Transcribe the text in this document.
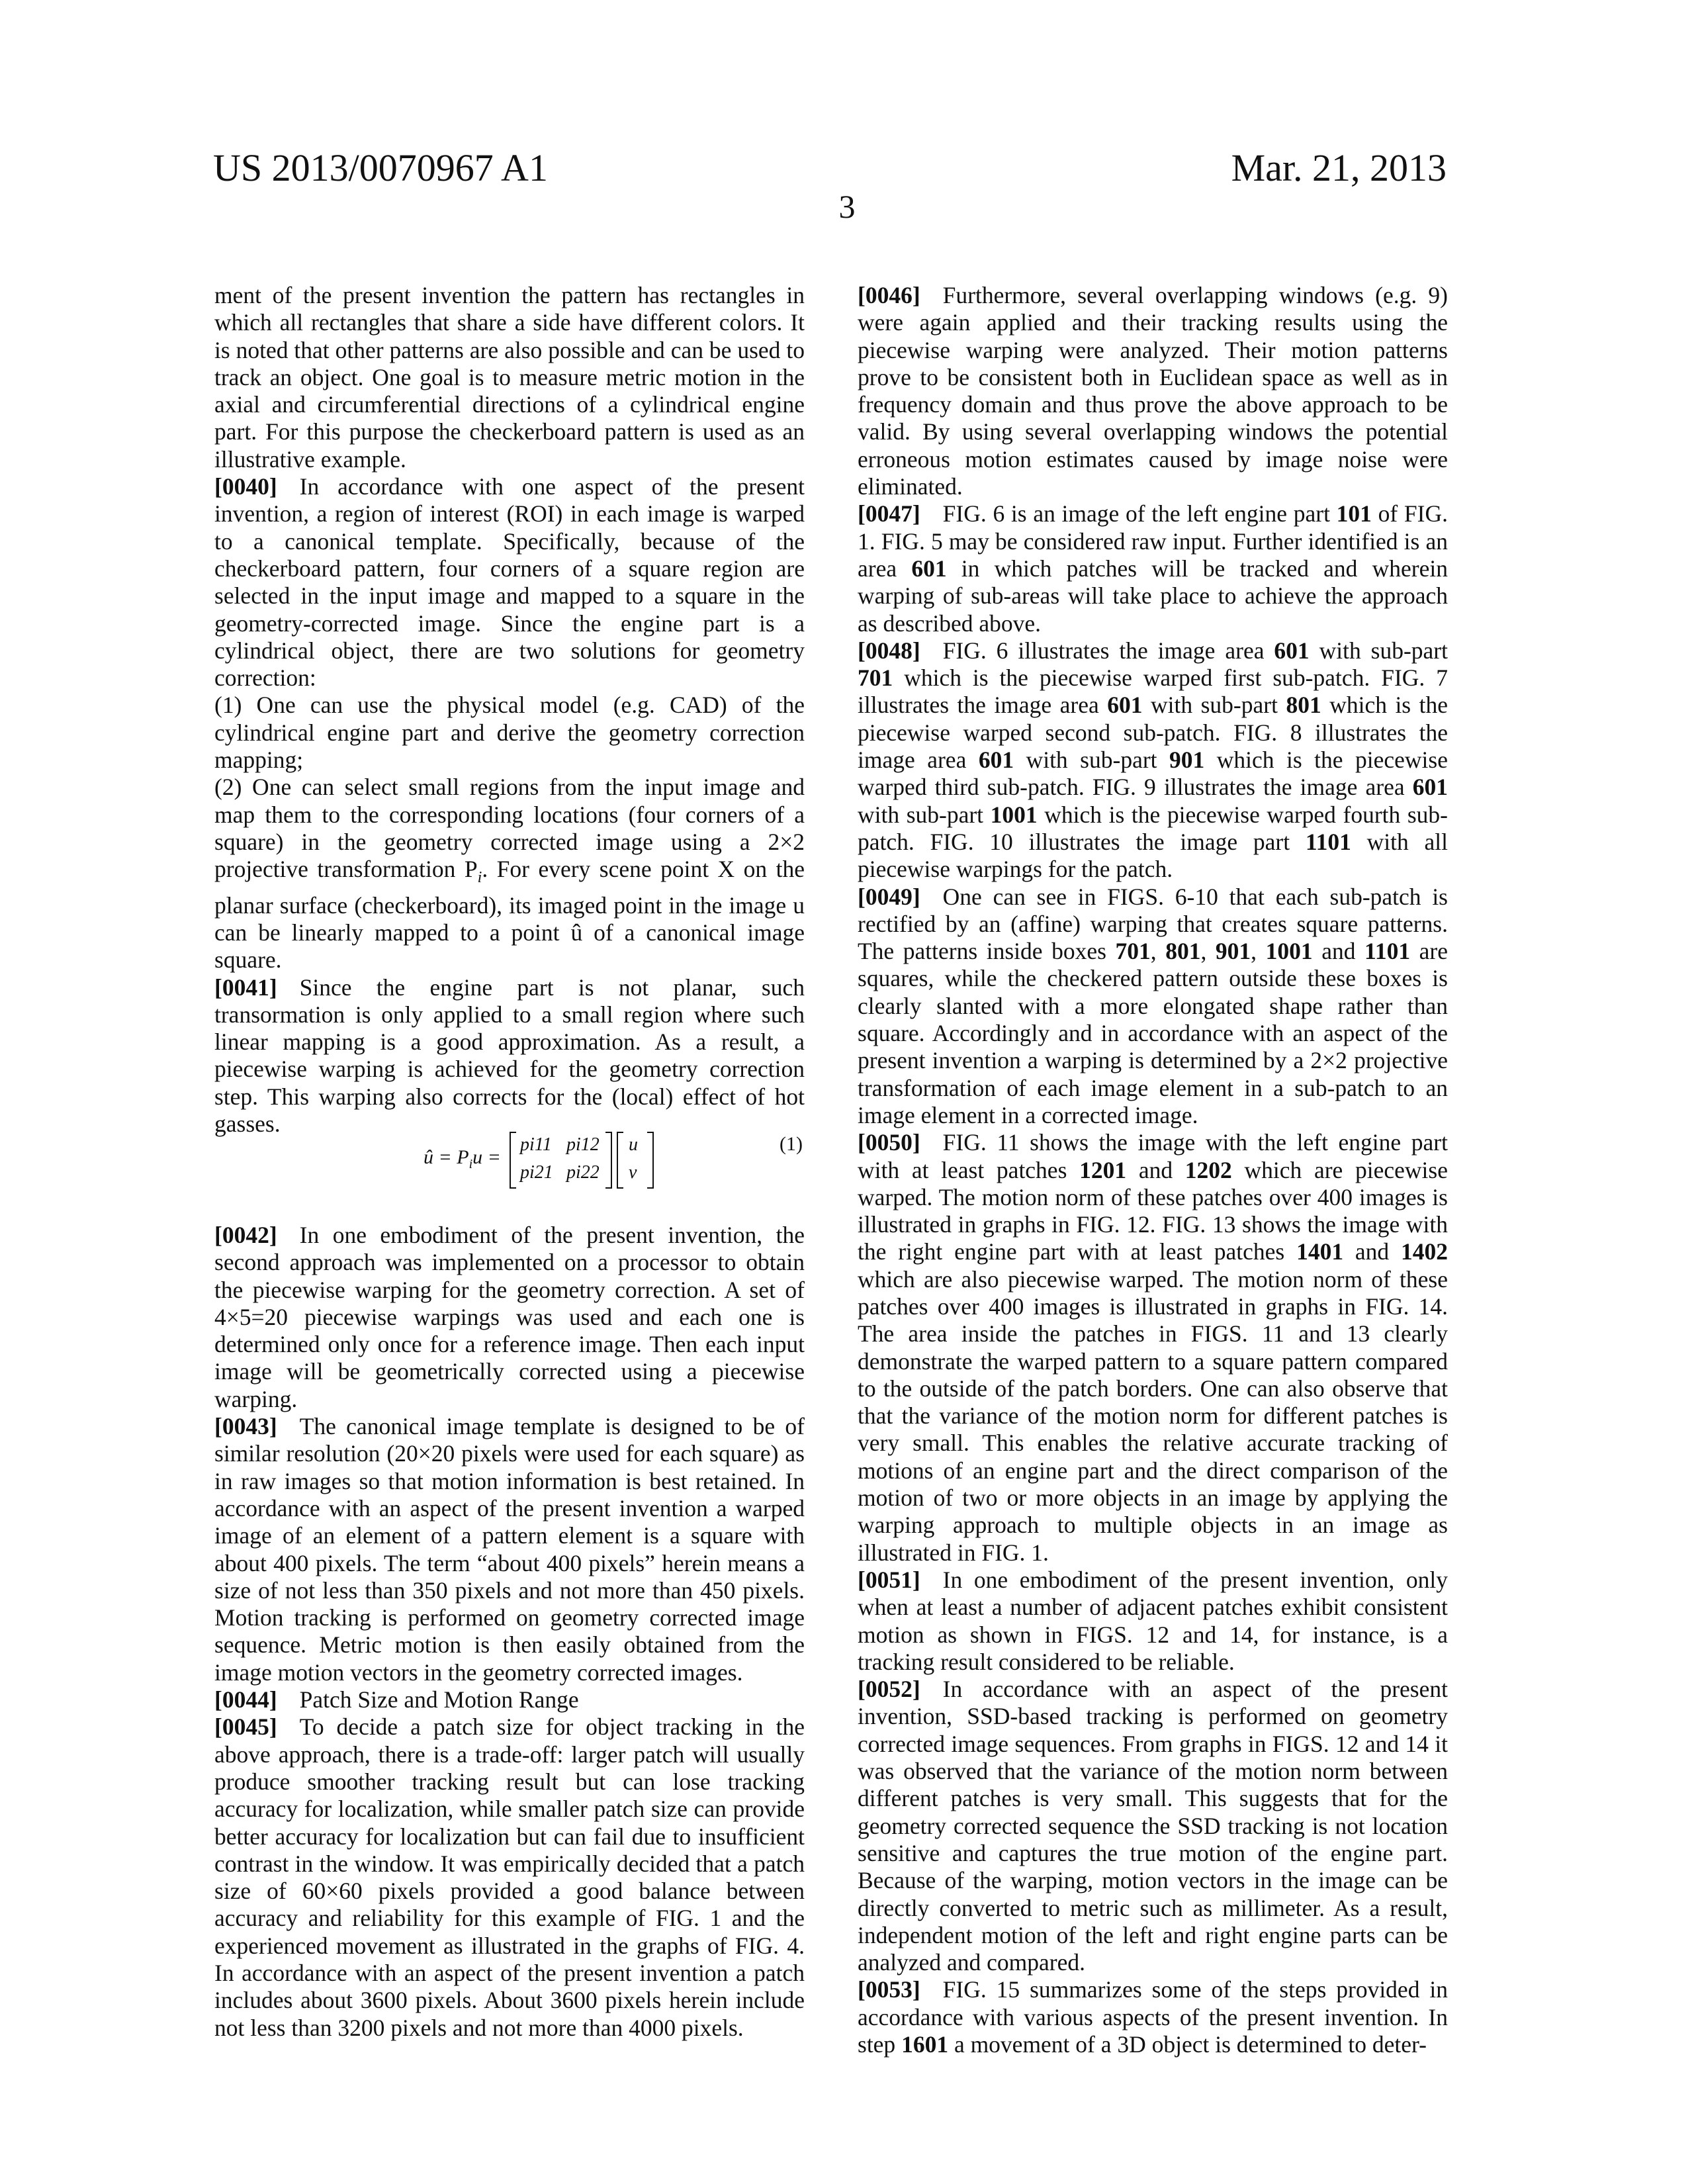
US 2013/0070967 A1	Mar. 21, 2013
3

ment of the present invention the pattern has rectangles in which all rectangles that share a side have different colors. It is noted that other patterns are also possible and can be used to track an object. One goal is to measure metric motion in the axial and circumferential directions of a cylindrical engine part. For this purpose the checkerboard pattern is used as an illustrative example.

[0040] In accordance with one aspect of the present invention, a region of interest (ROI) in each image is warped to a canonical template. Specifically, because of the checkerboard pattern, four corners of a square region are selected in the input image and mapped to a square in the geometry-corrected image. Since the engine part is a cylindrical object, there are two solutions for geometry correction:

(1) One can use the physical model (e.g. CAD) of the cylindrical engine part and derive the geometry correction mapping;

(2) One can select small regions from the input image and map them to the corresponding locations (four corners of a square) in the geometry corrected image using a 2×2 projective transformation Pi. For every scene point X on the planar surface (checkerboard), its imaged point in the image u can be linearly mapped to a point û of a canonical image square.

[0041] Since the engine part is not planar, such transormation is only applied to a small region where such linear mapping is a good approximation. As a result, a piecewise warping is achieved for the geometry correction step. This warping also corrects for the (local) effect of hot gasses.

û = Piu =
pi11 pi12
pi21 pi22
u
v
(1)

[0042] In one embodiment of the present invention, the second approach was implemented on a processor to obtain the piecewise warping for the geometry correction. A set of 4×5=20 piecewise warpings was used and each one is determined only once for a reference image. Then each input image will be geometrically corrected using a piecewise warping.

[0043] The canonical image template is designed to be of similar resolution (20×20 pixels were used for each square) as in raw images so that motion information is best retained. In accordance with an aspect of the present invention a warped image of an element of a pattern element is a square with about 400 pixels. The term “about 400 pixels” herein means a size of not less than 350 pixels and not more than 450 pixels. Motion tracking is performed on geometry corrected image sequence. Metric motion is then easily obtained from the image motion vectors in the geometry corrected images.

[0044] Patch Size and Motion Range

[0045] To decide a patch size for object tracking in the above approach, there is a trade-off: larger patch will usually produce smoother tracking result but can lose tracking accuracy for localization, while smaller patch size can provide better accuracy for localization but can fail due to insufficient contrast in the window. It was empirically decided that a patch size of 60×60 pixels provided a good balance between accuracy and reliability for this example of FIG. 1 and the experienced movement as illustrated in the graphs of FIG. 4. In accordance with an aspect of the present invention a patch includes about 3600 pixels. About 3600 pixels herein include not less than 3200 pixels and not more than 4000 pixels.

[0046] Furthermore, several overlapping windows (e.g. 9) were again applied and their tracking results using the piecewise warping were analyzed. Their motion patterns prove to be consistent both in Euclidean space as well as in frequency domain and thus prove the above approach to be valid. By using several overlapping windows the potential erroneous motion estimates caused by image noise were eliminated.

[0047] FIG. 6 is an image of the left engine part 101 of FIG. 1. FIG. 5 may be considered raw input. Further identified is an area 601 in which patches will be tracked and wherein warping of sub-areas will take place to achieve the approach as described above.

[0048] FIG. 6 illustrates the image area 601 with sub-part 701 which is the piecewise warped first sub-patch. FIG. 7 illustrates the image area 601 with sub-part 801 which is the piecewise warped second sub-patch. FIG. 8 illustrates the image area 601 with sub-part 901 which is the piecewise warped third sub-patch. FIG. 9 illustrates the image area 601 with sub-part 1001 which is the piecewise warped fourth sub-patch. FIG. 10 illustrates the image part 1101 with all piecewise warpings for the patch.

[0049] One can see in FIGS. 6-10 that each sub-patch is rectified by an (affine) warping that creates square patterns. The patterns inside boxes 701, 801, 901, 1001 and 1101 are squares, while the checkered pattern outside these boxes is clearly slanted with a more elongated shape rather than square. Accordingly and in accordance with an aspect of the present invention a warping is determined by a 2×2 projective transformation of each image element in a sub-patch to an image element in a corrected image.

[0050] FIG. 11 shows the image with the left engine part with at least patches 1201 and 1202 which are piecewise warped. The motion norm of these patches over 400 images is illustrated in graphs in FIG. 12. FIG. 13 shows the image with the right engine part with at least patches 1401 and 1402 which are also piecewise warped. The motion norm of these patches over 400 images is illustrated in graphs in FIG. 14. The area inside the patches in FIGS. 11 and 13 clearly demonstrate the warped pattern to a square pattern compared to the outside of the patch borders. One can also observe that that the variance of the motion norm for different patches is very small. This enables the relative accurate tracking of motions of an engine part and the direct comparison of the motion of two or more objects in an image by applying the warping approach to multiple objects in an image as illustrated in FIG. 1.

[0051] In one embodiment of the present invention, only when at least a number of adjacent patches exhibit consistent motion as shown in FIGS. 12 and 14, for instance, is a tracking result considered to be reliable.

[0052] In accordance with an aspect of the present invention, SSD-based tracking is performed on geometry corrected image sequences. From graphs in FIGS. 12 and 14 it was observed that the variance of the motion norm between different patches is very small. This suggests that for the geometry corrected sequence the SSD tracking is not location sensitive and captures the true motion of the engine part. Because of the warping, motion vectors in the image can be directly converted to metric such as millimeter. As a result, independent motion of the left and right engine parts can be analyzed and compared.

[0053] FIG. 15 summarizes some of the steps provided in accordance with various aspects of the present invention. In step 1601 a movement of a 3D object is determined to deter-
